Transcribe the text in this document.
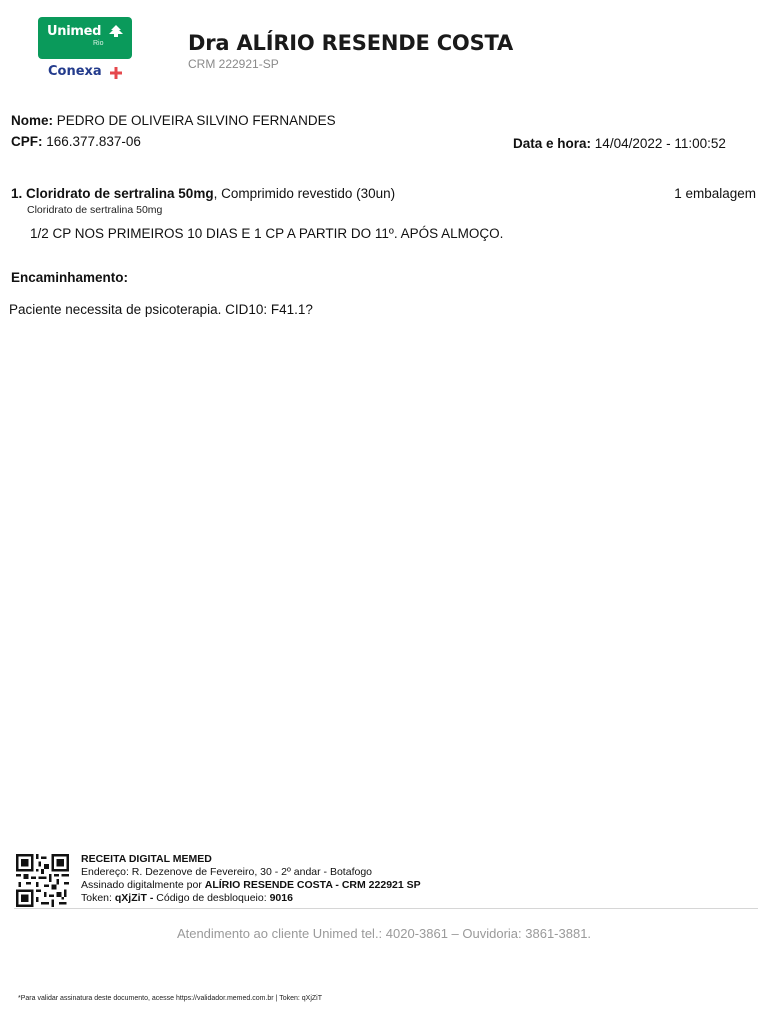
Unimed
Rio
Conexa
Dra ALÍRIO RESENDE COSTA
CRM 222921-SP
Nome: PEDRO DE OLIVEIRA SILVINO FERNANDES
CPF: 166.377.837-06	Data e hora: 14/04/2022 - 11:00:52
1. Cloridrato de sertralina 50mg, Comprimido revestido (30un)	1 embalagem
Cloridrato de sertralina 50mg
1/2 CP NOS PRIMEIROS 10 DIAS E 1 CP A PARTIR DO 11º. APÓS ALMOÇO.
Encaminhamento:
Paciente necessita de psicoterapia. CID10: F41.1?
RECEITA DIGITAL MEMED
Endereço: R. Dezenove de Fevereiro, 30 - 2º andar - Botafogo
Assinado digitalmente por ALÍRIO RESENDE COSTA - CRM 222921 SP
Token: qXjZiT - Código de desbloqueio: 9016
Atendimento ao cliente Unimed tel.: 4020-3861 – Ouvidoria: 3861-3881.
*Para validar assinatura deste documento, acesse https://validador.memed.com.br | Token: qXjZiT
